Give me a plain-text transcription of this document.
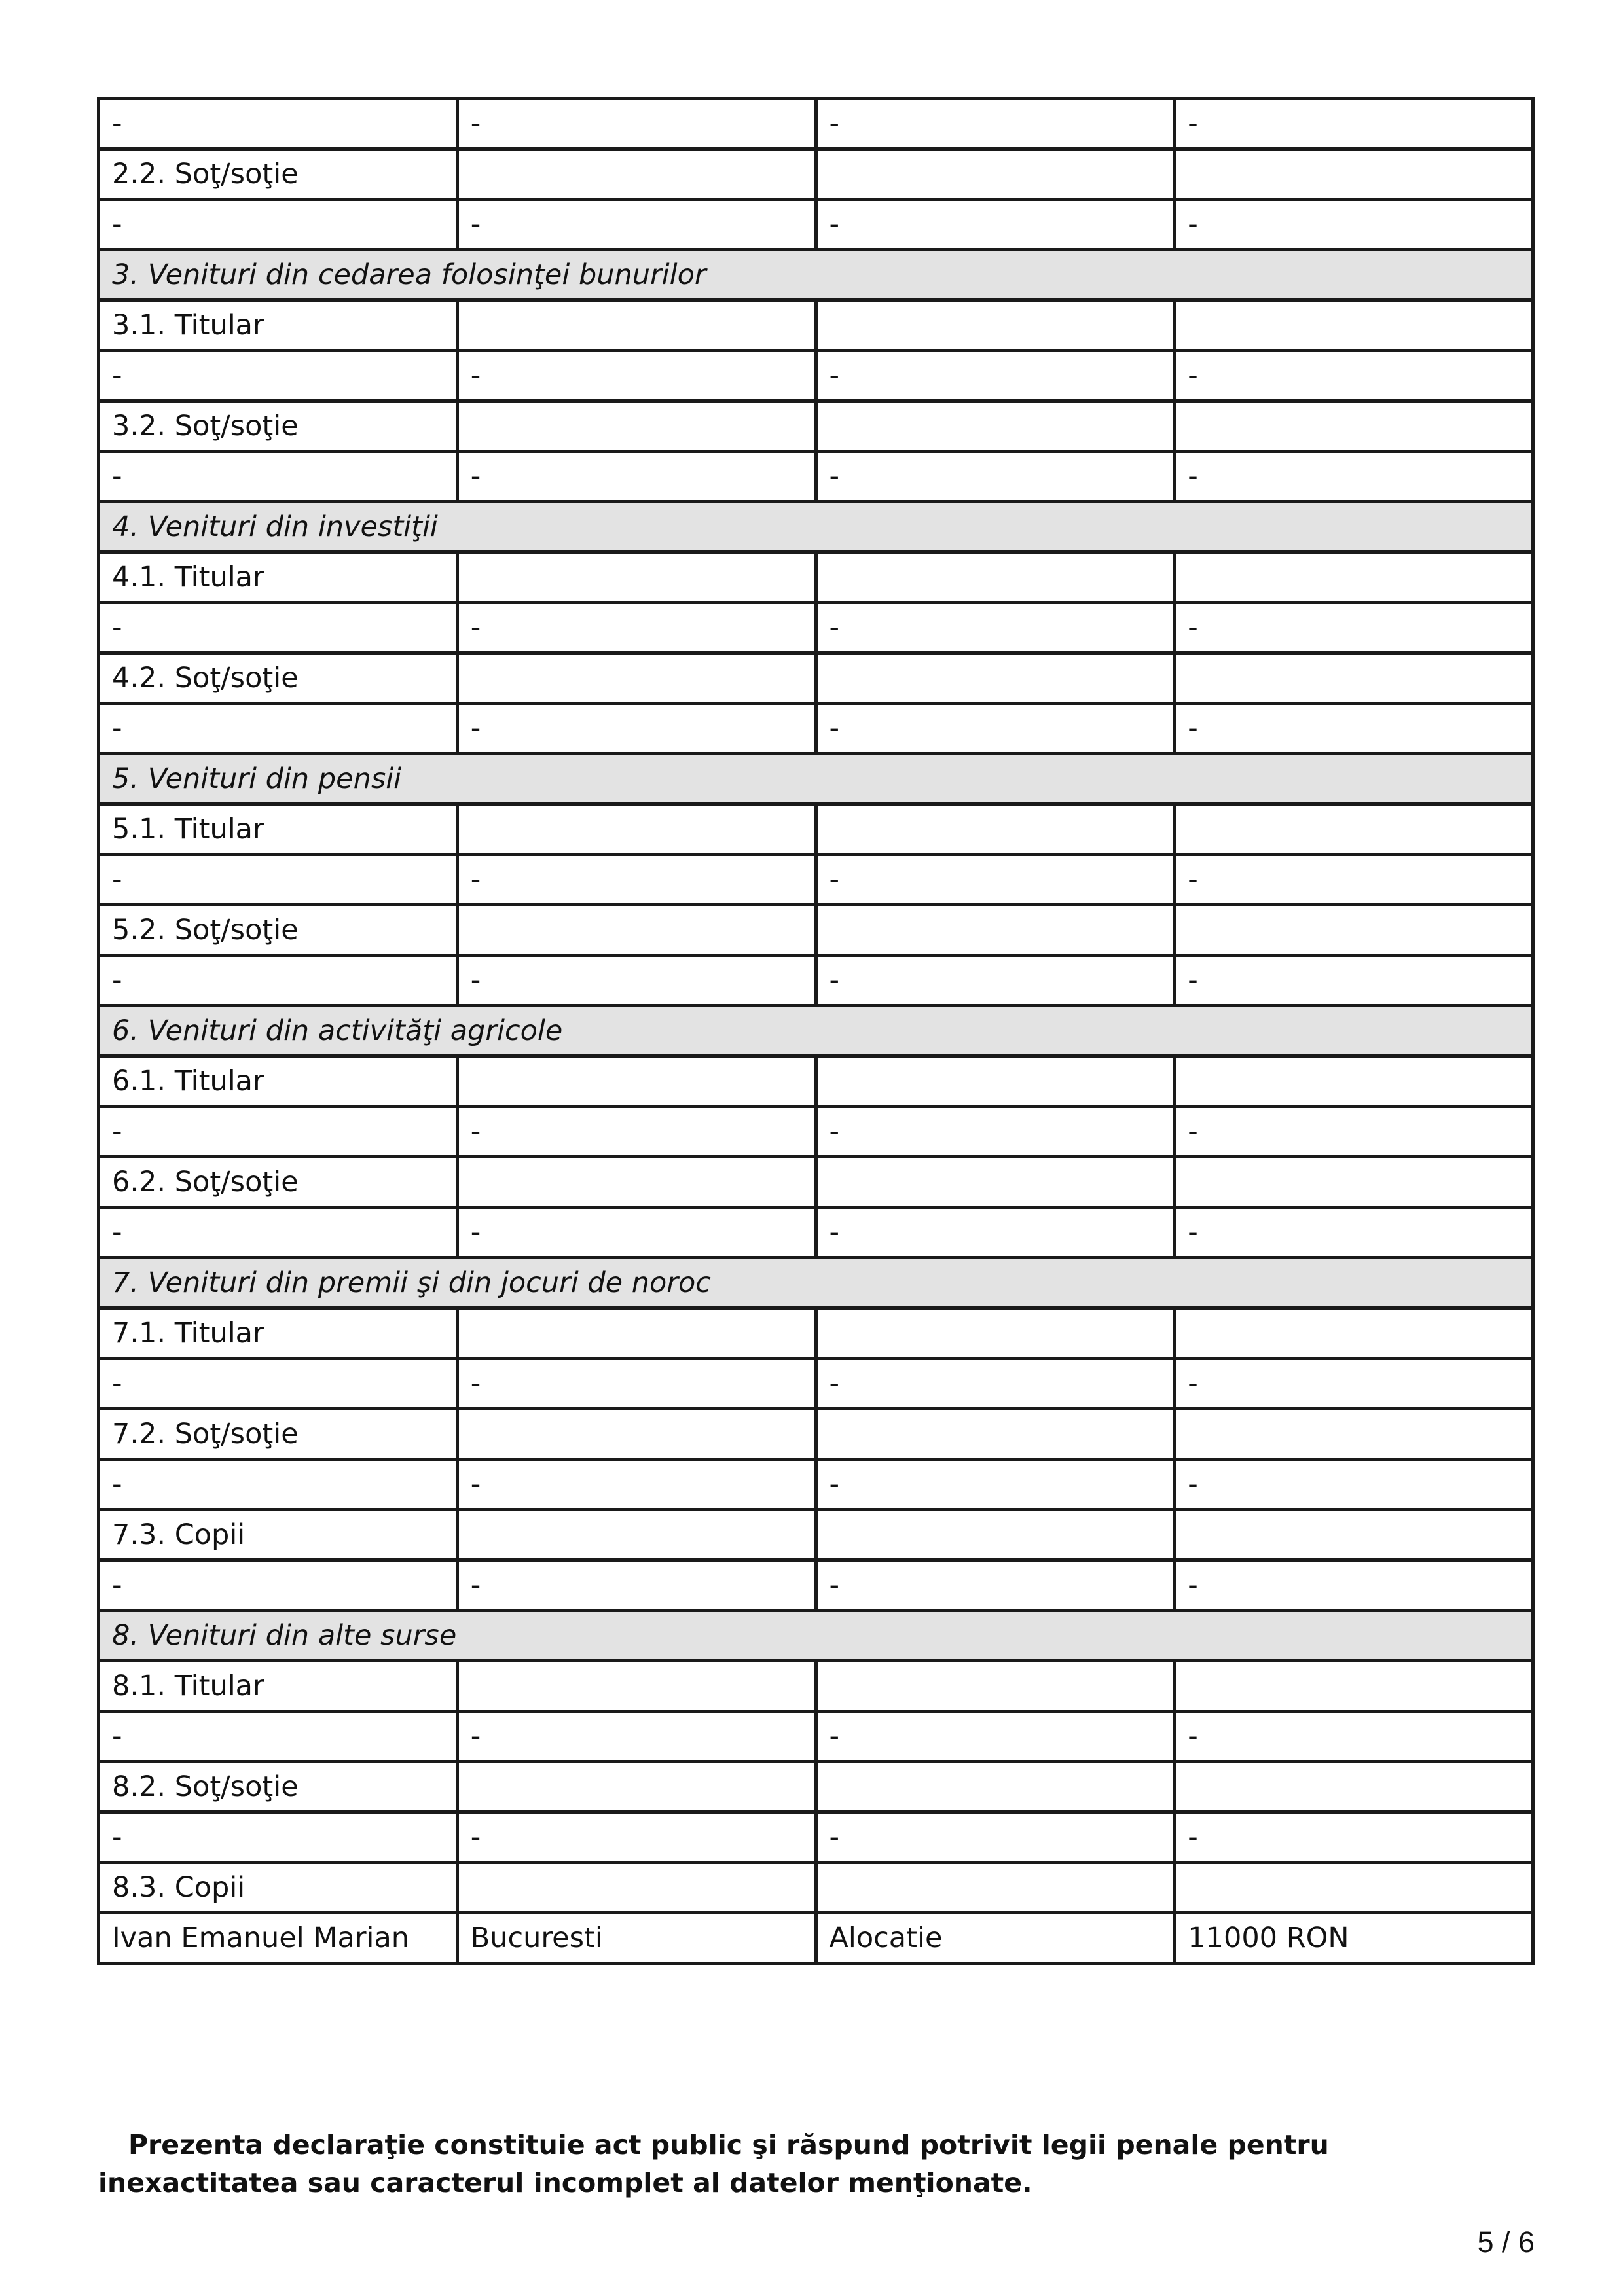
-	-	-	-
2.2. Soţ/soţie			
-	-	-	-
3. Venituri din cedarea folosinţei bunurilor			
3.1. Titular			
-	-	-	-
3.2. Soţ/soţie			
-	-	-	-
4. Venituri din investiţii			
4.1. Titular			
-	-	-	-
4.2. Soţ/soţie			
-	-	-	-
5. Venituri din pensii			
5.1. Titular			
-	-	-	-
5.2. Soţ/soţie			
-	-	-	-
6. Venituri din activităţi agricole			
6.1. Titular			
-	-	-	-
6.2. Soţ/soţie			
-	-	-	-
7. Venituri din premii şi din jocuri de noroc			
7.1. Titular			
-	-	-	-
7.2. Soţ/soţie			
-	-	-	-
7.3. Copii			
-	-	-	-
8. Venituri din alte surse			
8.1. Titular			
-	-	-	-
8.2. Soţ/soţie			
-	-	-	-
8.3. Copii			
Ivan Emanuel Marian	Bucuresti	Alocatie	11000 RON

Prezenta declaraţie constituie act public şi răspund potrivit legii penale pentru inexactitatea sau caracterul incomplet al datelor menţionate.

5 / 6
